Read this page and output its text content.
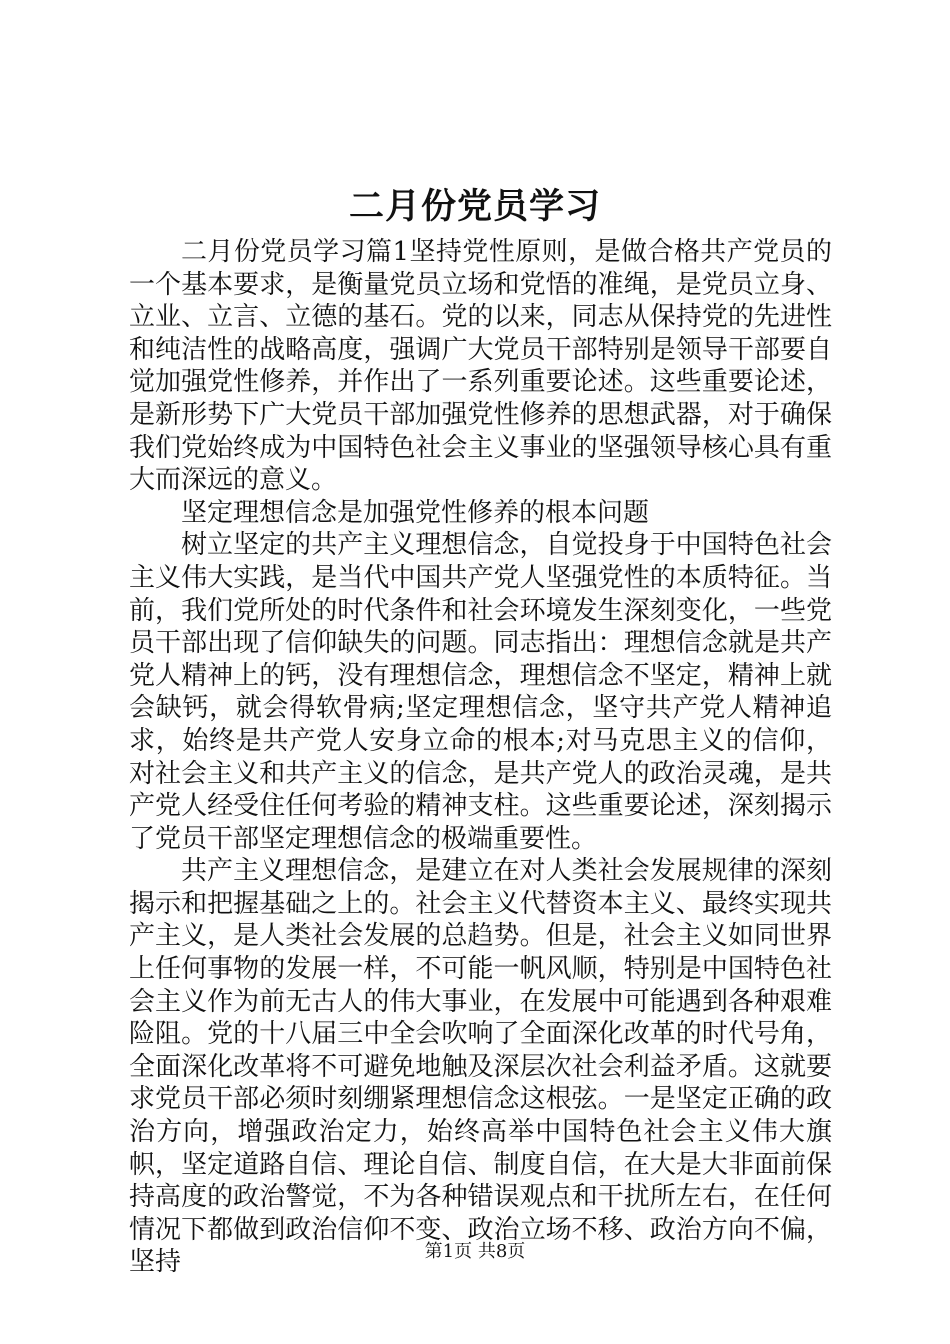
二月份党员学习

二月份党员学习篇1坚持党性原则，是做合格共产党员的一个基本要求，是衡量党员立场和党悟的准绳，是党员立身、立业、立言、立德的基石。党的以来，同志从保持党的先进性和纯洁性的战略高度，强调广大党员干部特别是领导干部要自觉加强党性修养，并作出了一系列重要论述。这些重要论述，是新形势下广大党员干部加强党性修养的思想武器，对于确保我们党始终成为中国特色社会主义事业的坚强领导核心具有重大而深远的意义。

坚定理想信念是加强党性修养的根本问题

树立坚定的共产主义理想信念，自觉投身于中国特色社会主义伟大实践，是当代中国共产党人坚强党性的本质特征。当前，我们党所处的时代条件和社会环境发生深刻变化，一些党员干部出现了信仰缺失的问题。同志指出：理想信念就是共产党人精神上的钙，没有理想信念，理想信念不坚定，精神上就会缺钙，就会得软骨病;坚定理想信念，坚守共产党人精神追求，始终是共产党人安身立命的根本;对马克思主义的信仰，对社会主义和共产主义的信念，是共产党人的政治灵魂，是共产党人经受住任何考验的精神支柱。这些重要论述，深刻揭示了党员干部坚定理想信念的极端重要性。

共产主义理想信念，是建立在对人类社会发展规律的深刻揭示和把握基础之上的。社会主义代替资本主义、最终实现共产主义，是人类社会发展的总趋势。但是，社会主义如同世界上任何事物的发展一样，不可能一帆风顺，特别是中国特色社会主义作为前无古人的伟大事业，在发展中可能遇到各种艰难险阻。党的十八届三中全会吹响了全面深化改革的时代号角，全面深化改革将不可避免地触及深层次社会利益矛盾。这就要求党员干部必须时刻绷紧理想信念这根弦。一是坚定正确的政治方向，增强政治定力，始终高举中国特色社会主义伟大旗帜，坚定道路自信、理论自信、制度自信，在大是大非面前保持高度的政治警觉，不为各种错误观点和干扰所左右，在任何情况下都做到政治信仰不变、政治立场不移、政治方向不偏，坚持	第1页 共8页
